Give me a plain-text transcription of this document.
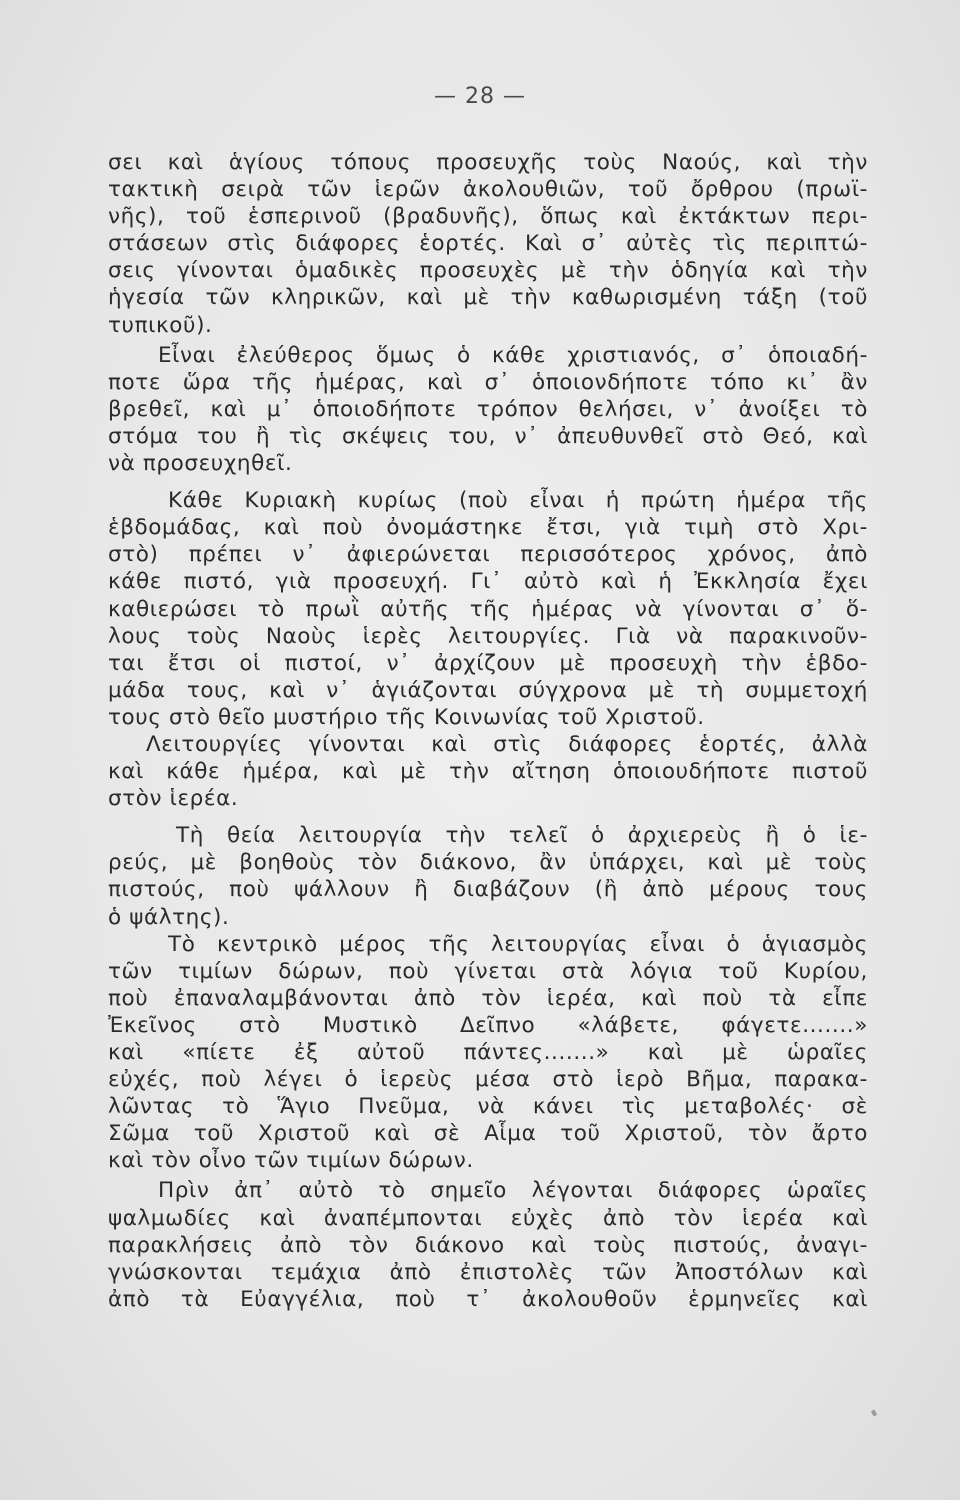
— 28 —
σει καὶ ἁγίους τόπους προσευχῆς τοὺς Ναούς, καὶ τὴν
τακτικὴ σειρὰ τῶν ἱερῶν ἀκολουθιῶν, τοῦ ὄρθρου (πρωϊ-
νῆς), τοῦ ἑσπερινοῦ (βραδυνῆς), ὅπως καὶ ἐκτάκτων περι-
στάσεων στὶς διάφορες ἑορτές. Καὶ σ᾽ αὐτὲς τὶς περιπτώ-
σεις γίνονται ὁμαδικὲς προσευχὲς μὲ τὴν ὁδηγία καὶ τὴν
ἡγεσία τῶν κληρικῶν, καὶ μὲ τὴν καθωρισμένη τάξη (τοῦ
τυπικοῦ).
Εἶναι ἐλεύθερος ὅμως ὁ κάθε χριστιανός, σ᾽ ὁποιαδή-
ποτε ὥρα τῆς ἡμέρας, καὶ σ᾽ ὁποιονδήποτε τόπο κι᾽ ἂν
βρεθεῖ, καὶ μ᾽ ὁποιοδήποτε τρόπον θελήσει, ν᾽ ἀνοίξει τὸ
στόμα του ἢ τὶς σκέψεις του, ν᾽ ἀπευθυνθεῖ στὸ Θεό, καὶ
νὰ προσευχηθεῖ.
Κάθε Κυριακὴ κυρίως (ποὺ εἶναι ἡ πρώτη ἡμέρα τῆς
ἑβδομάδας, καὶ ποὺ ὀνομάστηκε ἔτσι, γιὰ τιμὴ στὸ Χρι-
στὸ) πρέπει ν᾽ ἀφιερώνεται περισσότερος χρόνος, ἀπὸ
κάθε πιστό, γιὰ προσευχή. Γι᾽ αὐτὸ καὶ ἡ Ἐκκλησία ἔχει
καθιερώσει τὸ πρωῒ αὐτῆς τῆς ἡμέρας νὰ γίνονται σ᾽ ὅ-
λους τοὺς Ναοὺς ἱερὲς λειτουργίες. Γιὰ νὰ παρακινοῦν-
ται ἔτσι οἱ πιστοί, ν᾽ ἀρχίζουν μὲ προσευχὴ τὴν ἑβδο-
μάδα τους, καὶ ν᾽ ἁγιάζονται σύγχρονα μὲ τὴ συμμετοχή
τους στὸ θεῖο μυστήριο τῆς Κοινωνίας τοῦ Χριστοῦ.
Λειτουργίες γίνονται καὶ στὶς διάφορες ἑορτές, ἀλλὰ
καὶ κάθε ἡμέρα, καὶ μὲ τὴν αἴτηση ὁποιουδήποτε πιστοῦ
στὸν ἱερέα.
Τὴ θεία λειτουργία τὴν τελεῖ ὁ ἀρχιερεὺς ἢ ὁ ἱε-
ρεύς, μὲ βοηθοὺς τὸν διάκονο, ἂν ὑπάρχει, καὶ μὲ τοὺς
πιστούς, ποὺ ψάλλουν ἢ διαβάζουν (ἢ ἀπὸ μέρους τους
ὁ ψάλτης).
Τὸ κεντρικὸ μέρος τῆς λειτουργίας εἶναι ὁ ἁγιασμὸς
τῶν τιμίων δώρων, ποὺ γίνεται στὰ λόγια τοῦ Κυρίου,
ποὺ ἐπαναλαμβάνονται ἀπὸ τὸν ἱερέα, καὶ ποὺ τὰ εἶπε
Ἐκεῖνος στὸ Μυστικὸ Δεῖπνο «λάβετε, φάγετε.......»
καὶ «πίετε ἐξ αὐτοῦ πάντες.......» καὶ μὲ ὡραῖες
εὐχές, ποὺ λέγει ὁ ἱερεὺς μέσα στὸ ἱερὸ Βῆμα, παρακα-
λῶντας τὸ Ἅγιο Πνεῦμα, νὰ κάνει τὶς μεταβολές· σὲ
Σῶμα τοῦ Χριστοῦ καὶ σὲ Αἷμα τοῦ Χριστοῦ, τὸν ἄρτο
καὶ τὸν οἶνο τῶν τιμίων δώρων.
Πρὶν ἀπ᾽ αὐτὸ τὸ σημεῖο λέγονται διάφορες ὡραῖες
ψαλμωδίες καὶ ἀναπέμπονται εὐχὲς ἀπὸ τὸν ἱερέα καὶ
παρακλήσεις ἀπὸ τὸν διάκονο καὶ τοὺς πιστούς, ἀναγι-
γνώσκονται τεμάχια ἀπὸ ἐπιστολὲς τῶν Ἀποστόλων καὶ
ἀπὸ τὰ Εὐαγγέλια, ποὺ τ᾽ ἀκολουθοῦν ἑρμηνεῖες καὶ
